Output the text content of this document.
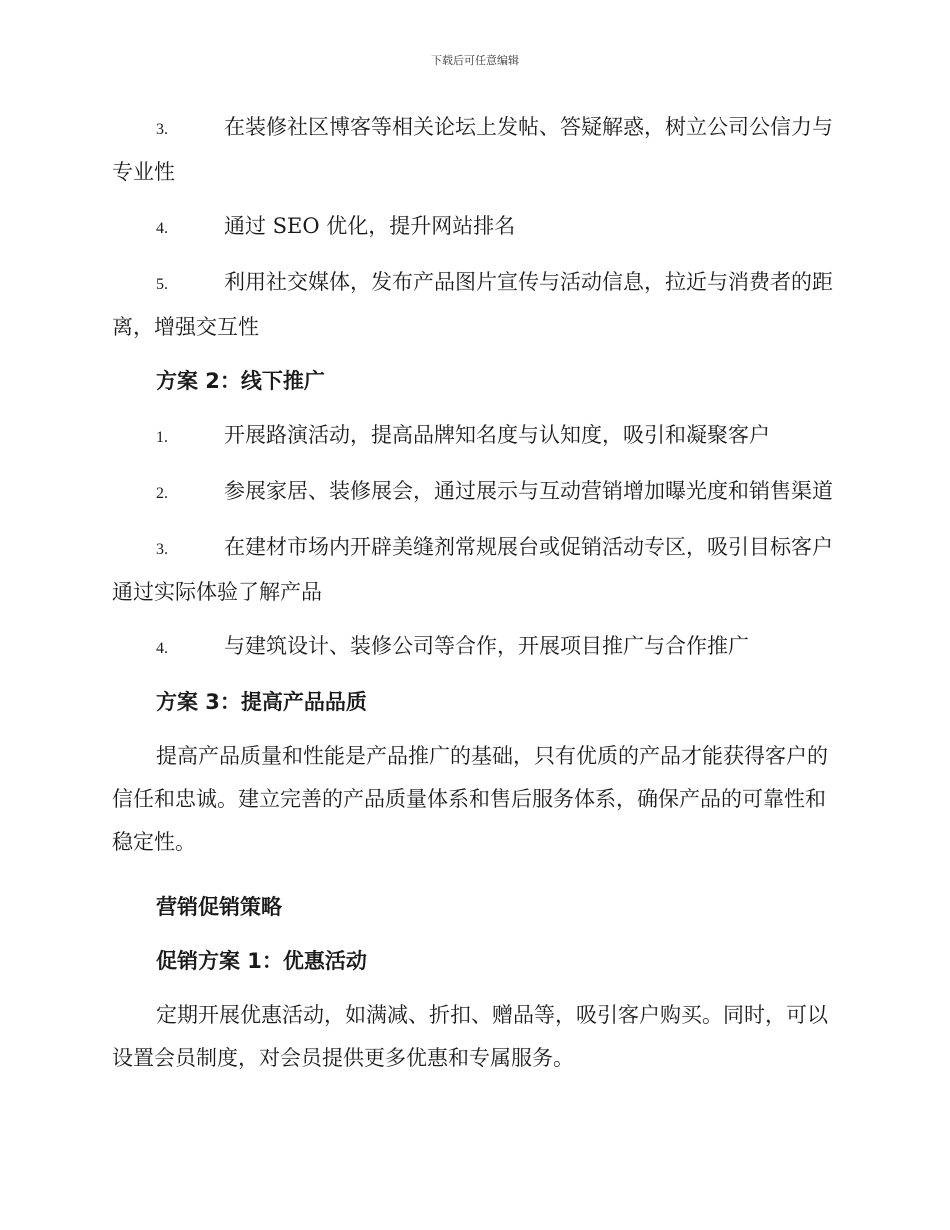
下载后可任意编辑
3.	在装修社区博客等相关论坛上发帖、答疑解惑，树立公司公信力与专业性
4.	通过 SEO 优化，提升网站排名
5.	利用社交媒体，发布产品图片宣传与活动信息，拉近与消费者的距离，增强交互性
方案 2：线下推广
1.	开展路演活动，提高品牌知名度与认知度，吸引和凝聚客户
2.	参展家居、装修展会，通过展示与互动营销增加曝光度和销售渠道
3.	在建材市场内开辟美缝剂常规展台或促销活动专区，吸引目标客户通过实际体验了解产品
4.	与建筑设计、装修公司等合作，开展项目推广与合作推广
方案 3：提高产品品质
提高产品质量和性能是产品推广的基础，只有优质的产品才能获得客户的信任和忠诚。建立完善的产品质量体系和售后服务体系，确保产品的可靠性和稳定性。
营销促销策略
促销方案 1：优惠活动
定期开展优惠活动，如满减、折扣、赠品等，吸引客户购买。同时，可以设置会员制度，对会员提供更多优惠和专属服务。
